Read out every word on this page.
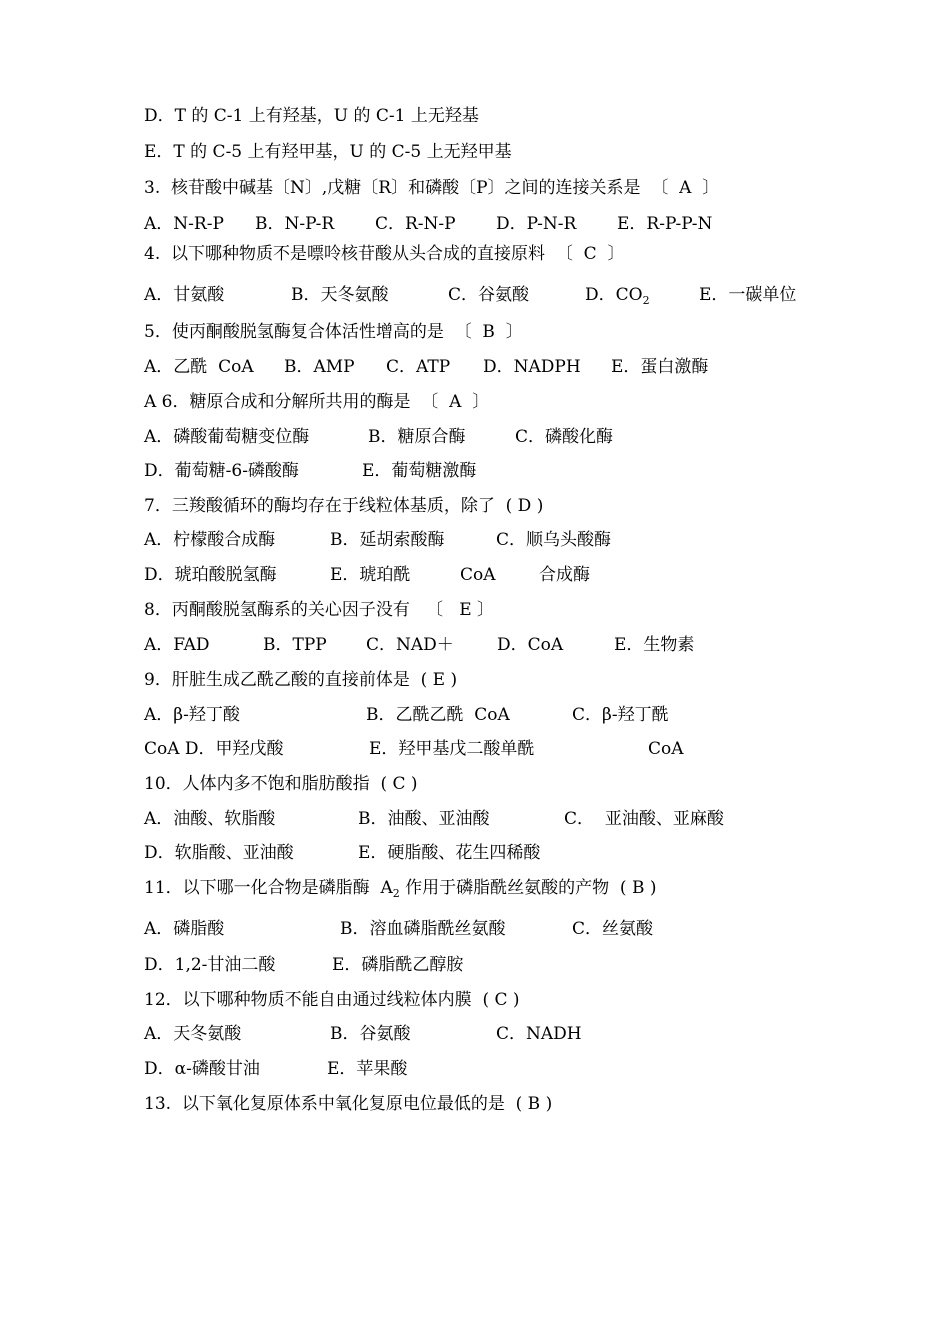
D．T 的 C-1 上有羟基，U 的 C-1 上无羟基
E．T 的 C-5 上有羟甲基，U 的 C-5 上无羟甲基
3.  核苷酸中碱基〔N〕,戊糖〔R〕和磷酸〔P〕之间的连接关系是  〔  A  〕

A．N-R-P

B．N-P-R

C．R-N-P

D．P-N-R

E．R-P-P-N

4.  以下哪种物质不是嘌呤核苷酸从头合成的直接原料  〔  C  〕

A．甘氨酸

	B．天冬氨酸

	C．谷氨酸

	D．$CO_2$

	E．一碳单位

5．使丙酮酸脱氢酶复合体活性增高的是  〔  B  〕

A．乙酰  CoA

B．AMP

C．ATP

D．NADPH

E．蛋白激酶

A 6．糖原合成和分解所共用的酶是  〔  A  〕

A．磷酸葡萄糖变位酶

	B．糖原合酶

	C．磷酸化酶

D．葡萄糖-6-磷酸酶

	E．葡萄糖激酶

7．三羧酸循环的酶均存在于线粒体基质，除了  ( D )

A．柠檬酸合成酶

	B．延胡索酸酶

	C．顺乌头酸酶

D．琥珀酸脱氢酶

	E．琥珀酰

	CoA

	合成酶

8．丙酮酸脱氢酶系的关心因子没有   〔   E 〕

A．FAD

	B．TPP

C．NAD＋

	D．CoA

	E．生物素

9．肝脏生成乙酰乙酸的直接前体是  ( E )

A．β-羟丁酸

	B．乙酰乙酰  CoA

	C．β-羟丁酰

CoA D．甲羟戊酸

	E．羟甲基戊二酸单酰

	CoA

10．人体内多不饱和脂肪酸指  ( C )

A．油酸、软脂酸

	B．油酸、亚油酸

	C．  亚油酸、亚麻酸

D．软脂酸、亚油酸

	E．硬脂酸、花生四稀酸

11．以下哪一化合物是磷脂酶  $A_2$ 作用于磷脂酰丝氨酸的产物  ( B )

A．磷脂酸

	B．溶血磷脂酰丝氨酸

	C．丝氨酸

D．1,2-甘油二酸

	E．磷脂酰乙醇胺

12．以下哪种物质不能自由通过线粒体内膜  ( C )

A．天冬氨酸

	B．谷氨酸

	C．NADH

D．α-磷酸甘油

	E．苹果酸

13.  以下氧化复原体系中氧化复原电位最低的是  ( B )
